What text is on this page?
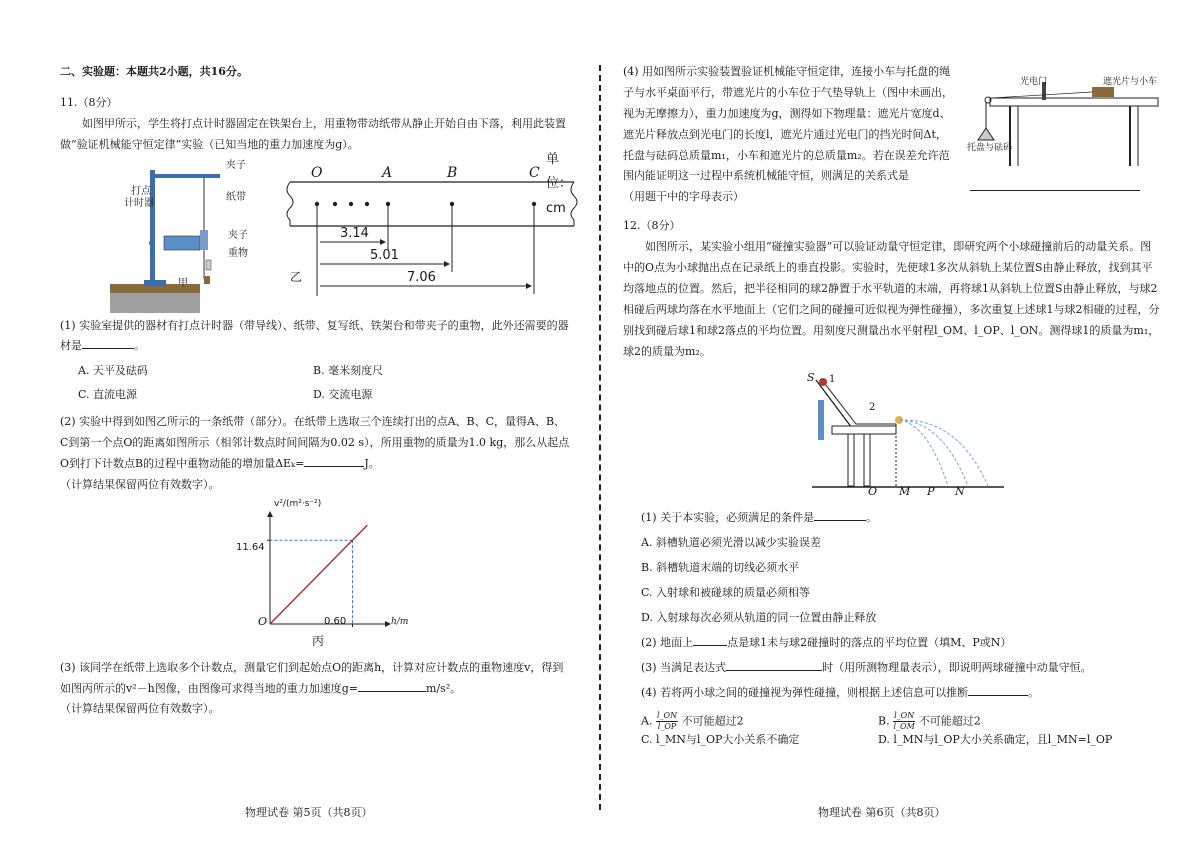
二、实验题：本题共2小题，共16分。

11.（8分）

如图甲所示，学生将打点计时器固定在铁架台上，用重物带动纸带从静止开始自由下落，利用此装置做“验证机械能守恒定律”实验（已知当地的重力加速度为g）。

夹子
打点
计时器
纸带
夹子
重物
甲
单位：cm
O	A	B	C
3.14
5.01
7.06
乙

(1) 实验室提供的器材有打点计时器（带导线）、纸带、复写纸、铁架台和带夹子的重物，此外还需要的器材是	。

A. 天平及砝码	B. 毫米刻度尺
C. 直流电源	D. 交流电源

(2) 实验中得到如图乙所示的一条纸带（部分）。在纸带上选取三个连续打出的点A、B、C，量得A、B、C到第一个点O的距离如图所示（相邻计数点时间间隔为0.02 s），所用重物的质量为1.0 kg，那么从起点O到打下计数点B的过程中重物动能的增加量ΔEₖ=	J。

（计算结果保留两位有效数字）。

v²/(m²·s⁻²)
h/m
O
11.64
0.60
丙

(3) 该同学在纸带上选取多个计数点，测量它们到起始点O的距离h，计算对应计数点的重物速度v，得到如图丙所示的v²－h图像，由图像可求得当地的重力加速度g=	m/s²。

（计算结果保留两位有效数字）。

物理试卷 第5页（共8页）
光电门	遮光片与小车
托盘与砝码

(4) 用如图所示实验装置验证机械能守恒定律，连接小车与托盘的绳子与水平桌面平行，带遮光片的小车位于气垫导轨上（图中未画出，视为无摩擦力），重力加速度为g，测得如下物理量：遮光片宽度d、遮光片释放点到光电门的长度l，遮光片通过光电门的挡光时间Δt，托盘与砝码总质量m₁，小车和遮光片的总质量m₂。若在误差允许范围内能证明这一过程中系统机械能守恒，则满足的关系式是

（用题干中的字母表示）

12.（8分）

如图所示，某实验小组用“碰撞实验器”可以验证动量守恒定律，即研究两个小球碰撞前后的动量关系。图中的O点为小球抛出点在记录纸上的垂直投影。实验时，先使球1多次从斜轨上某位置S由静止释放，找到其平均落地点的位置。然后，把半径相同的球2静置于水平轨道的末端，再将球1从斜轨上位置S由静止释放，与球2相碰后两球均落在水平地面上（它们之间的碰撞可近似视为弹性碰撞），多次重复上述球1与球2相碰的过程，分别找到碰后球1和球2落点的平均位置。用刻度尺测量出水平射程l_OM、l_OP、l_ON。测得球1的质量为m₁，球2的质量为m₂。

S 1
2
O M P N

(1) 关于本实验，必须满足的条件是	。

A. 斜槽轨道必须光滑以减少实验误差
B. 斜槽轨道末端的切线必须水平
C. 入射球和被碰球的质量必须相等
D. 入射球每次必须从轨道的同一位置由静止释放

(2) 地面上	点是球1未与球2碰撞时的落点的平均位置（填M、P或N）

(3) 当满足表达式	时（用所测物理量表示），即说明两球碰撞中动量守恒。

(4) 若将两小球之间的碰撞视为弹性碰撞，则根据上述信息可以推断	。

A. $\frac{l\_ON}{l\_OP}$ 不可能超过2	B. $\frac{l\_ON}{l\_OM}$ 不可能超过2
C. l_MN与l_OP大小关系不确定	D. l_MN与l_OP大小关系确定，且l_MN=l_OP
物理试卷 第6页（共8页）
